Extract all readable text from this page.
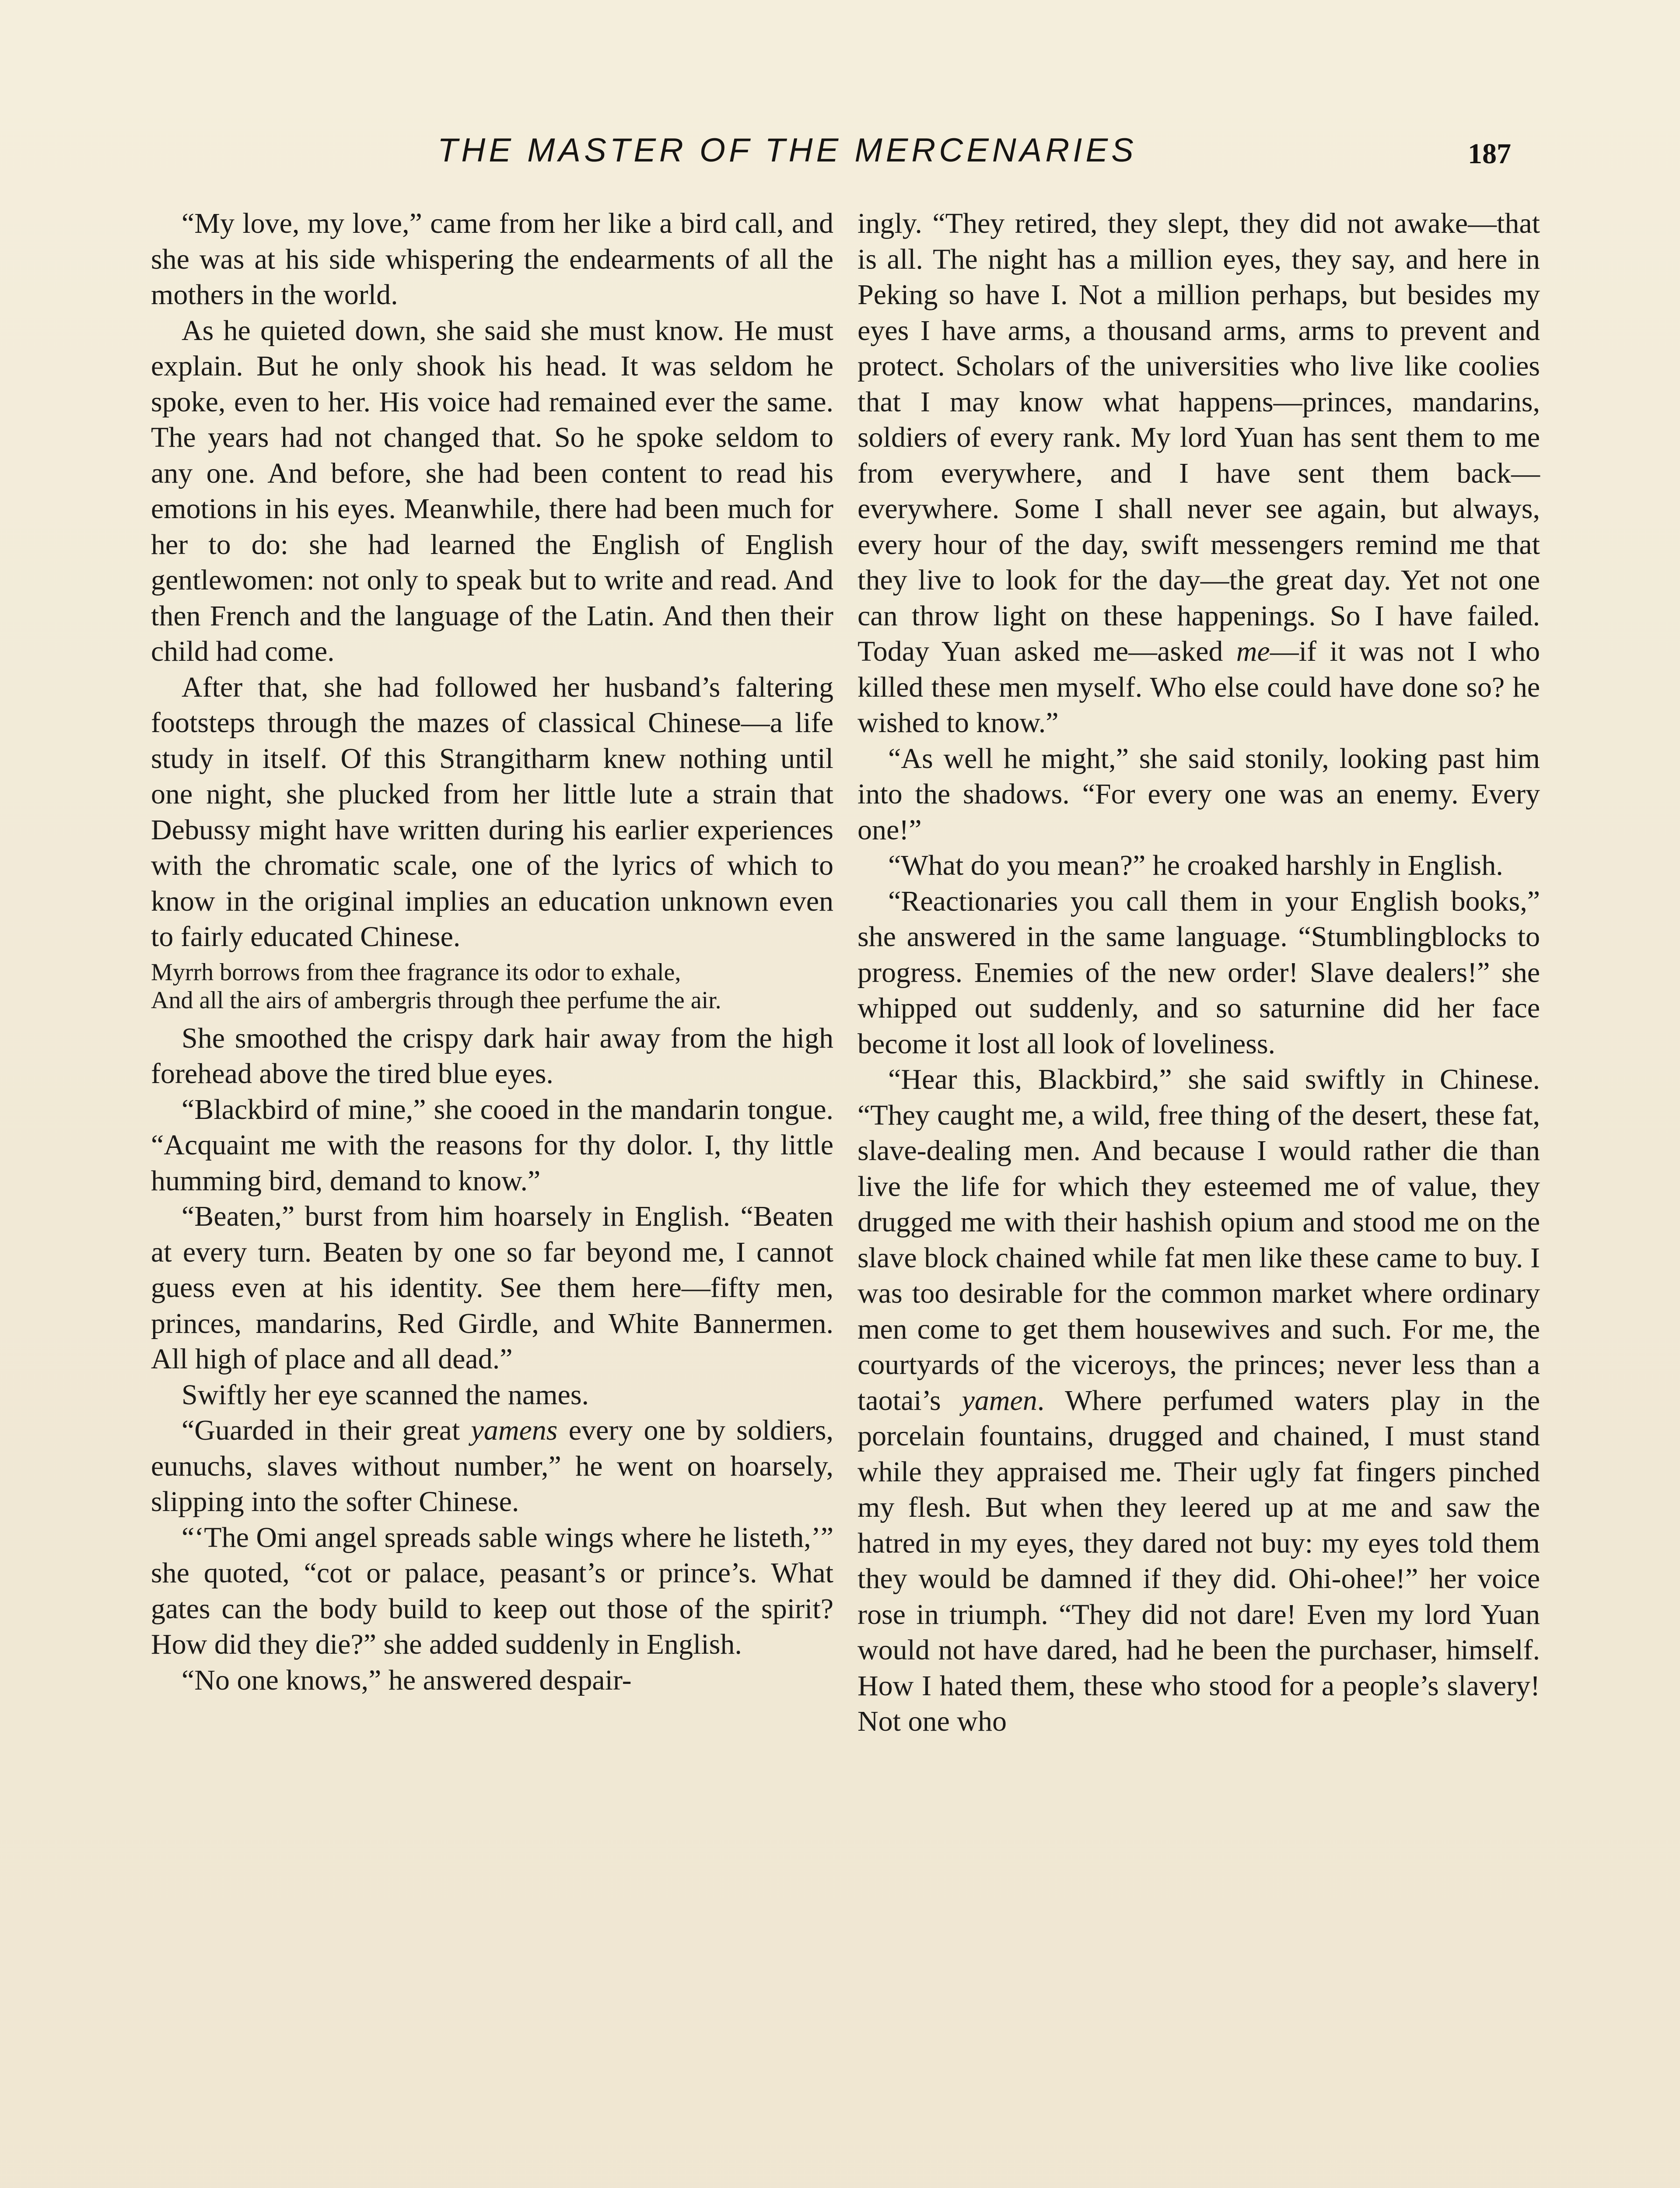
THE MASTER OF THE MERCENARIES	187

“My love, my love,” came from her like a bird call, and she was at his side whispering the endearments of all the mothers in the world.

As he quieted down, she said she must know. He must explain. But he only shook his head. It was seldom he spoke, even to her. His voice had remained ever the same. The years had not changed that. So he spoke seldom to any one. And before, she had been content to read his emotions in his eyes. Meanwhile, there had been much for her to do: she had learned the English of English gentlewomen: not only to speak but to write and read. And then French and the language of the Latin. And then their child had come.

After that, she had followed her husband’s faltering footsteps through the mazes of classical Chinese—a life study in itself. Of this Strangitharm knew nothing until one night, she plucked from her little lute a strain that Debussy might have written during his earlier experiences with the chromatic scale, one of the lyrics of which to know in the original implies an education unknown even to fairly educated Chinese.

Myrrh borrows from thee fragrance its odor to exhale,
And all the airs of ambergris through thee perfume the air.

She smoothed the crispy dark hair away from the high forehead above the tired blue eyes.

“Blackbird of mine,” she cooed in the mandarin tongue. “Acquaint me with the reasons for thy dolor. I, thy little humming bird, demand to know.”

“Beaten,” burst from him hoarsely in English. “Beaten at every turn. Beaten by one so far beyond me, I cannot guess even at his identity. See them here—fifty men, princes, mandarins, Red Girdle, and White Bannermen. All high of place and all dead.”

Swiftly her eye scanned the names.

“Guarded in their great yamens every one by soldiers, eunuchs, slaves without number,” he went on hoarsely, slipping into the softer Chinese.

“‘The Omi angel spreads sable wings where he listeth,’” she quoted, “cot or palace, peasant’s or prince’s. What gates can the body build to keep out those of the spirit? How did they die?” she added suddenly in English.

“No one knows,” he answered despair-

ingly. “They retired, they slept, they did not awake—that is all. The night has a million eyes, they say, and here in Peking so have I. Not a million perhaps, but besides my eyes I have arms, a thousand arms, arms to prevent and protect. Scholars of the universities who live like coolies that I may know what happens—princes, mandarins, soldiers of every rank. My lord Yuan has sent them to me from everywhere, and I have sent them back—everywhere. Some I shall never see again, but always, every hour of the day, swift messengers remind me that they live to look for the day—the great day. Yet not one can throw light on these happenings. So I have failed. Today Yuan asked me—asked me—if it was not I who killed these men myself. Who else could have done so? he wished to know.”

“As well he might,” she said stonily, looking past him into the shadows. “For every one was an enemy. Every one!”

“What do you mean?” he croaked harshly in English.

“Reactionaries you call them in your English books,” she answered in the same language. “Stumblingblocks to progress. Enemies of the new order! Slave dealers!” she whipped out suddenly, and so saturnine did her face become it lost all look of loveliness.

“Hear this, Blackbird,” she said swiftly in Chinese. “They caught me, a wild, free thing of the desert, these fat, slave-dealing men. And because I would rather die than live the life for which they esteemed me of value, they drugged me with their hashish opium and stood me on the slave block chained while fat men like these came to buy. I was too desirable for the common market where ordinary men come to get them housewives and such. For me, the courtyards of the viceroys, the princes; never less than a taotai’s yamen. Where perfumed waters play in the porcelain fountains, drugged and chained, I must stand while they appraised me. Their ugly fat fingers pinched my flesh. But when they leered up at me and saw the hatred in my eyes, they dared not buy: my eyes told them they would be damned if they did. Ohi-ohee!” her voice rose in triumph. “They did not dare! Even my lord Yuan would not have dared, had he been the purchaser, himself. How I hated them, these who stood for a people’s slavery! Not one who
